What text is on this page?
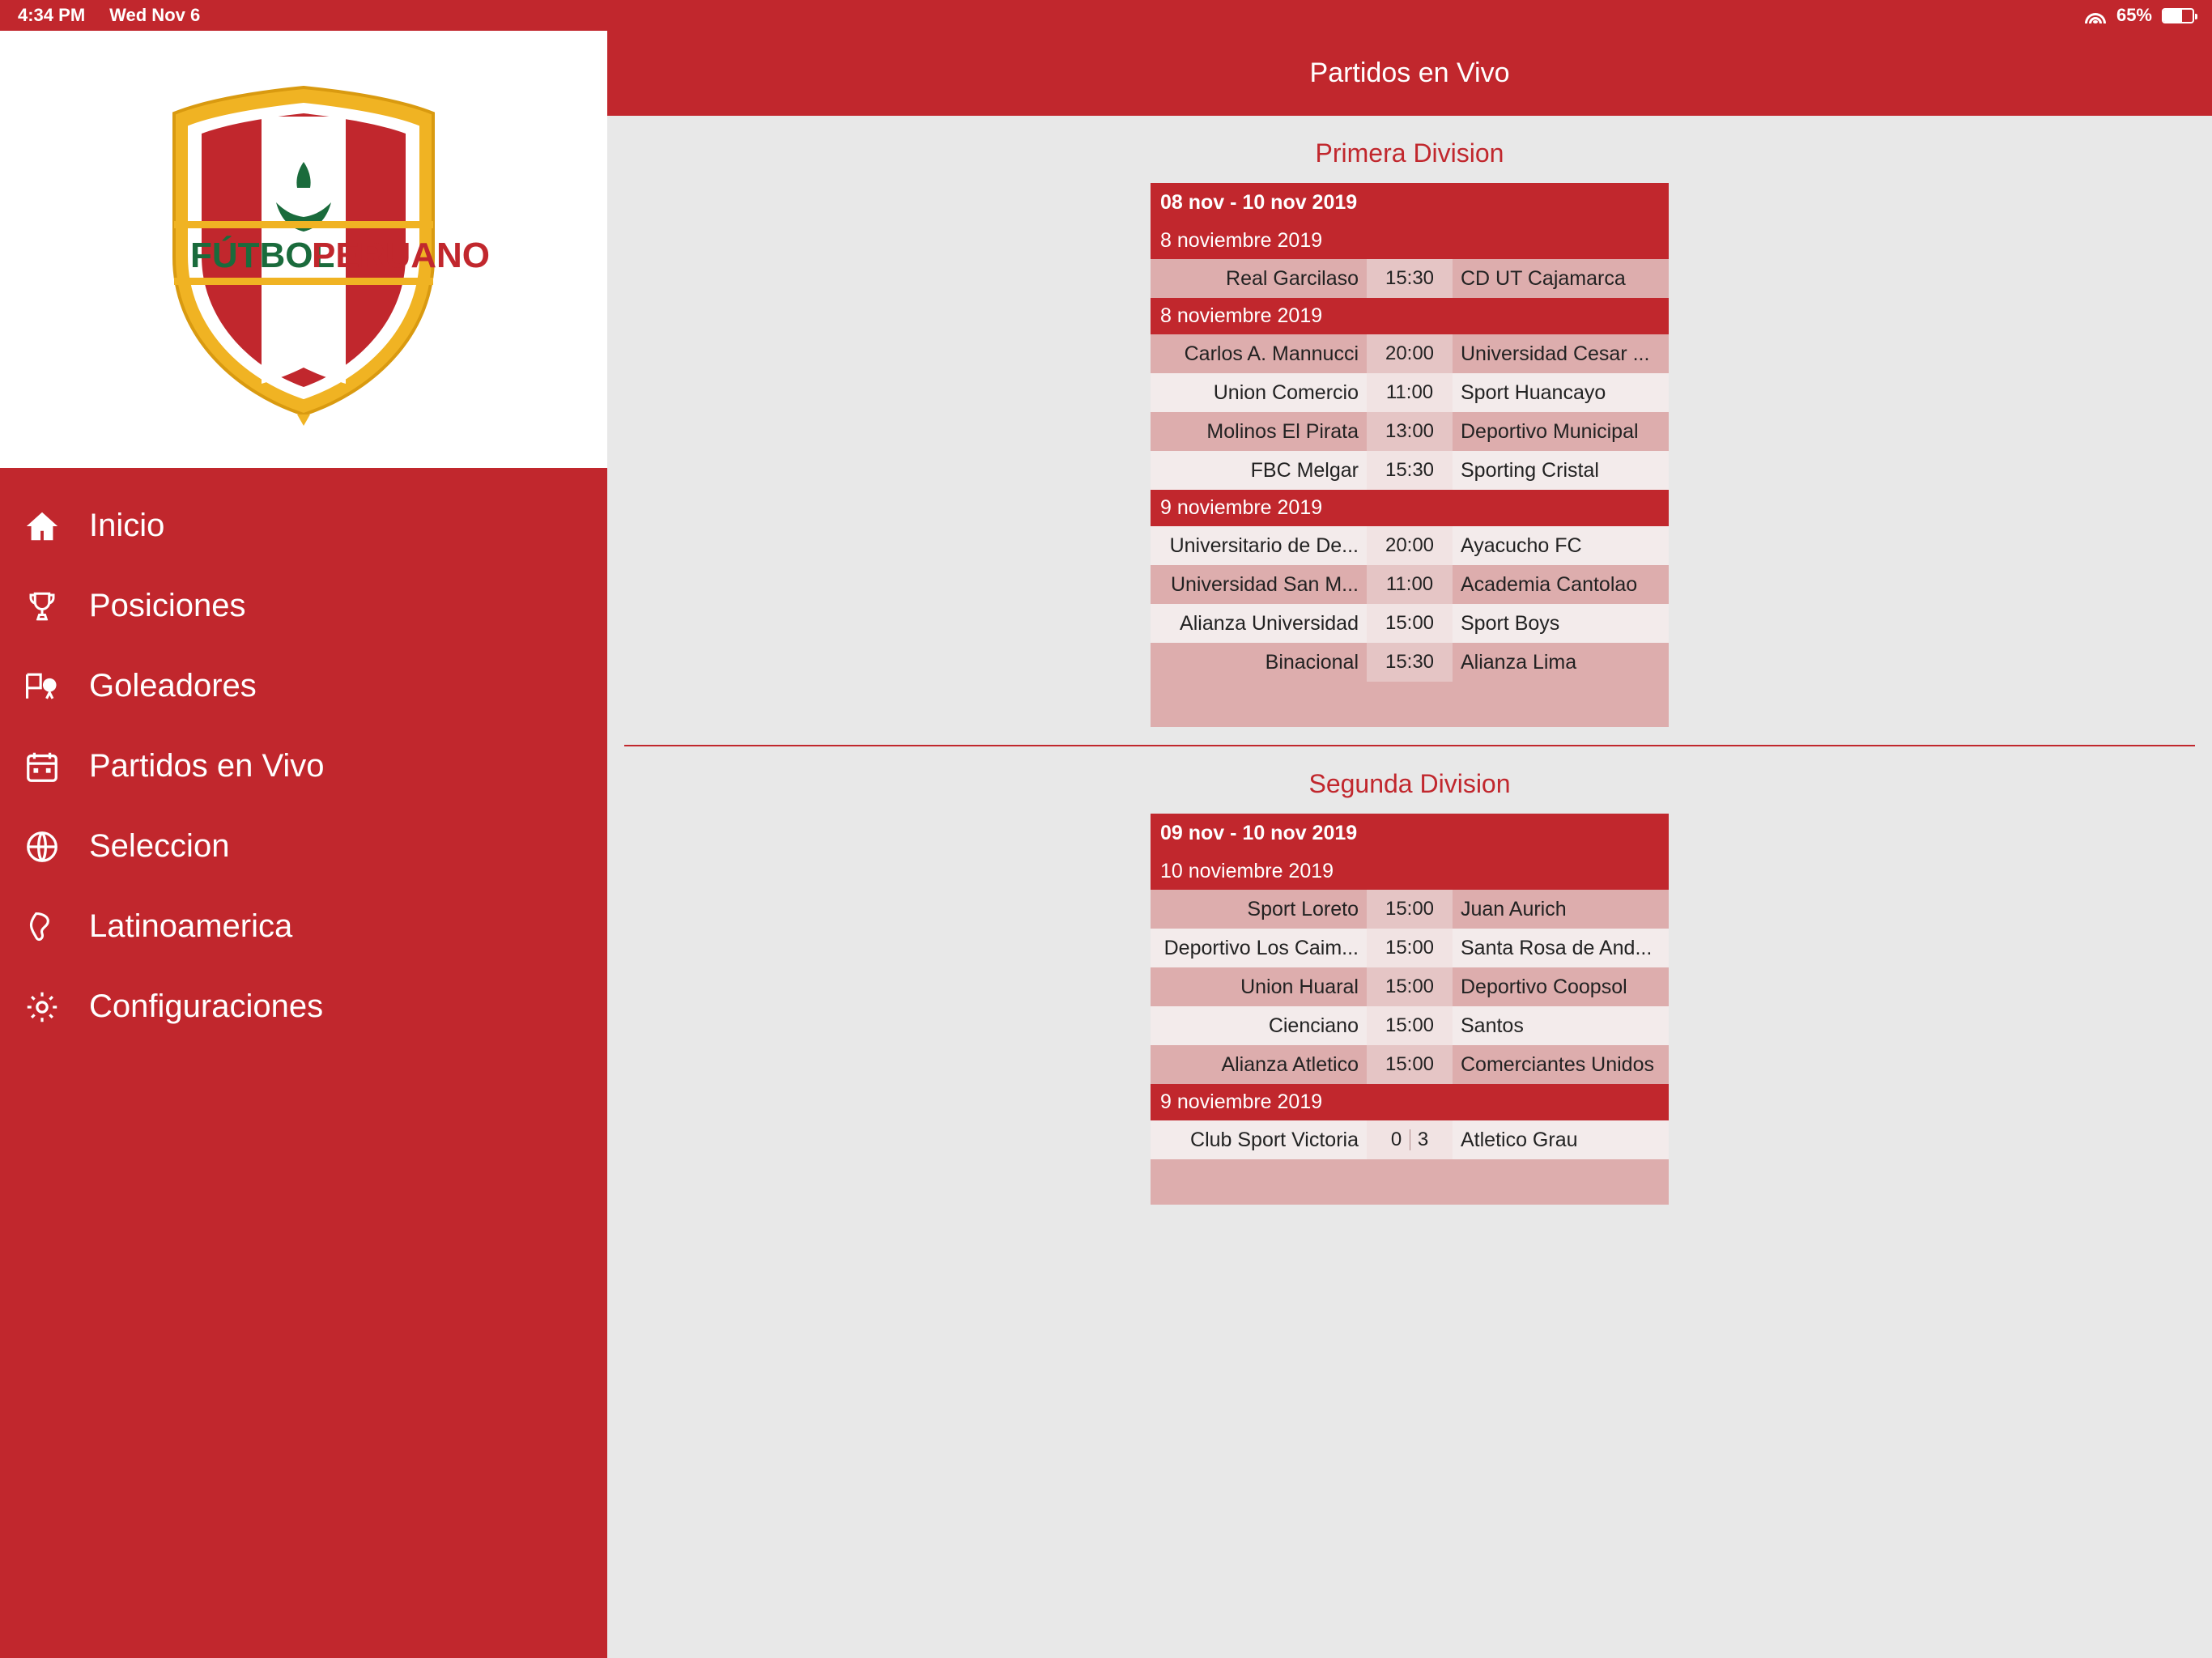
4:34 PM Wed Nov 6	65%
FÚTBOL
PERUANO
Inicio
Posiciones
Goleadores
Partidos en Vivo
Seleccion
Latinoamerica
Configuraciones
Partidos en Vivo
Primera Division
08 nov - 10 nov 2019
8 noviembre 2019
Real Garcilaso	15:30	CD UT Cajamarca
8 noviembre 2019
Carlos A. Mannucci	20:00	Universidad Cesar ...
Union Comercio	11:00	Sport Huancayo
Molinos El Pirata	13:00	Deportivo Municipal
FBC Melgar	15:30	Sporting Cristal
9 noviembre 2019
Universitario de De...	20:00	Ayacucho FC
Universidad San M...	11:00	Academia Cantolao
Alianza Universidad	15:00	Sport Boys
Binacional	15:30	Alianza Lima
Segunda Division
09 nov - 10 nov 2019
10 noviembre 2019
Sport Loreto	15:00	Juan Aurich
Deportivo Los Caim...	15:00	Santa Rosa de And...
Union Huaral	15:00	Deportivo Coopsol
Cienciano	15:00	Santos
Alianza Atletico	15:00	Comerciantes Unidos
9 noviembre 2019
Club Sport Victoria	0 3	Atletico Grau
